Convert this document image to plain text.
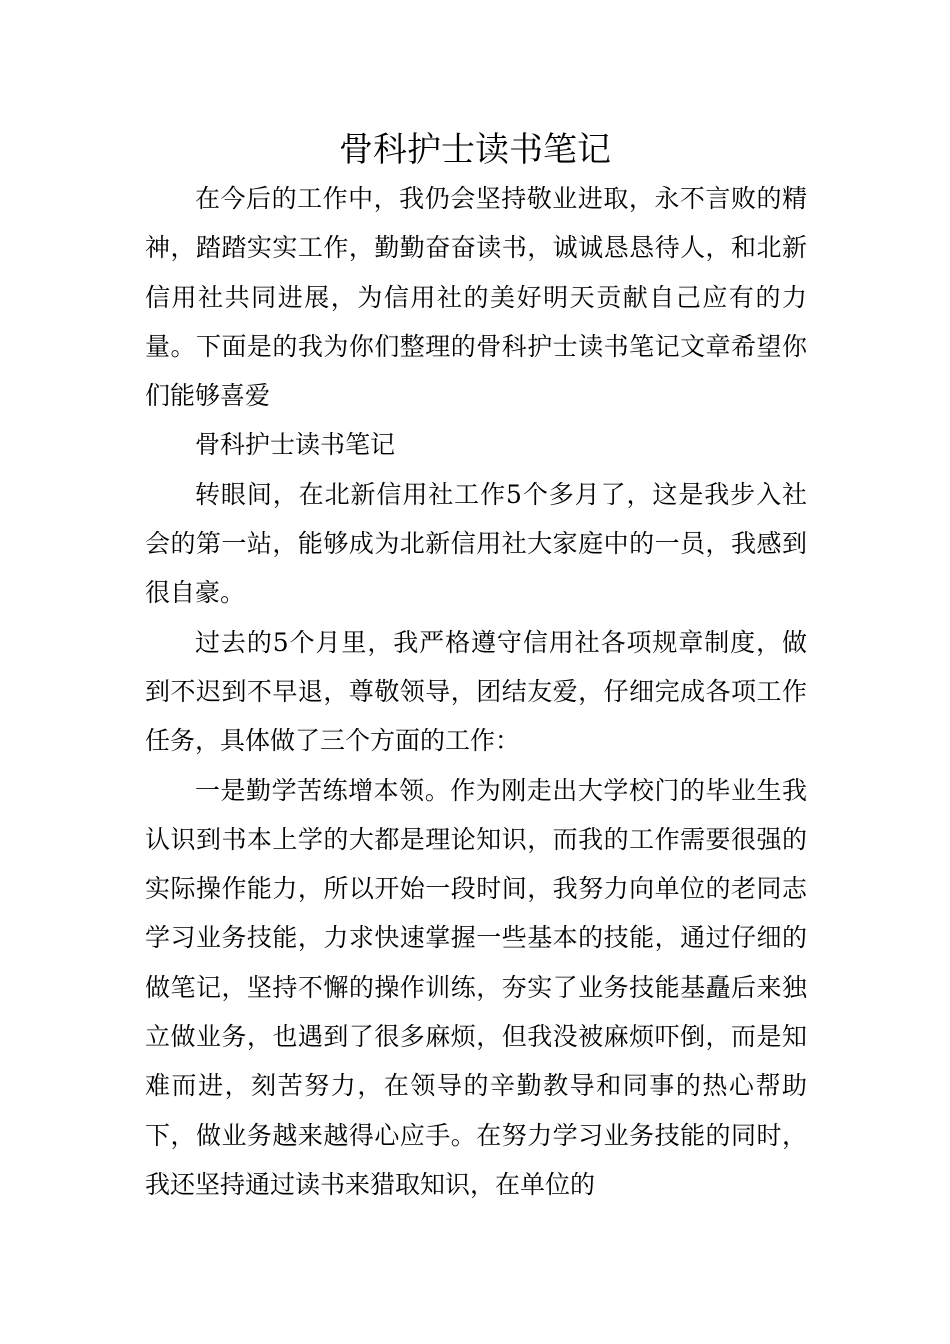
骨科护士读书笔记

在今后的工作中，我仍会坚持敬业进取，永不言败的精神，踏踏实实工作，勤勤奋奋读书，诚诚恳恳待人，和北新信用社共同进展，为信用社的美好明天贡献自己应有的力量。下面是的我为你们整理的骨科护士读书笔记文章希望你们能够喜爱

骨科护士读书笔记

转眼间，在北新信用社工作5个多月了，这是我步入社会的第一站，能够成为北新信用社大家庭中的一员，我感到很自豪。

过去的5个月里，我严格遵守信用社各项规章制度，做到不迟到不早退，尊敬领导，团结友爱，仔细完成各项工作任务，具体做了三个方面的工作：

一是勤学苦练增本领。作为刚走出大学校门的毕业生我认识到书本上学的大都是理论知识，而我的工作需要很强的实际操作能力，所以开始一段时间，我努力向单位的老同志学习业务技能，力求快速掌握一些基本的技能，通过仔细的做笔记，坚持不懈的操作训练，夯实了业务技能基矗后来独立做业务，也遇到了很多麻烦，但我没被麻烦吓倒，而是知难而进，刻苦努力，在领导的辛勤教导和同事的热心帮助下，做业务越来越得心应手。在努力学习业务技能的同时，我还坚持通过读书来猎取知识，在单位的
